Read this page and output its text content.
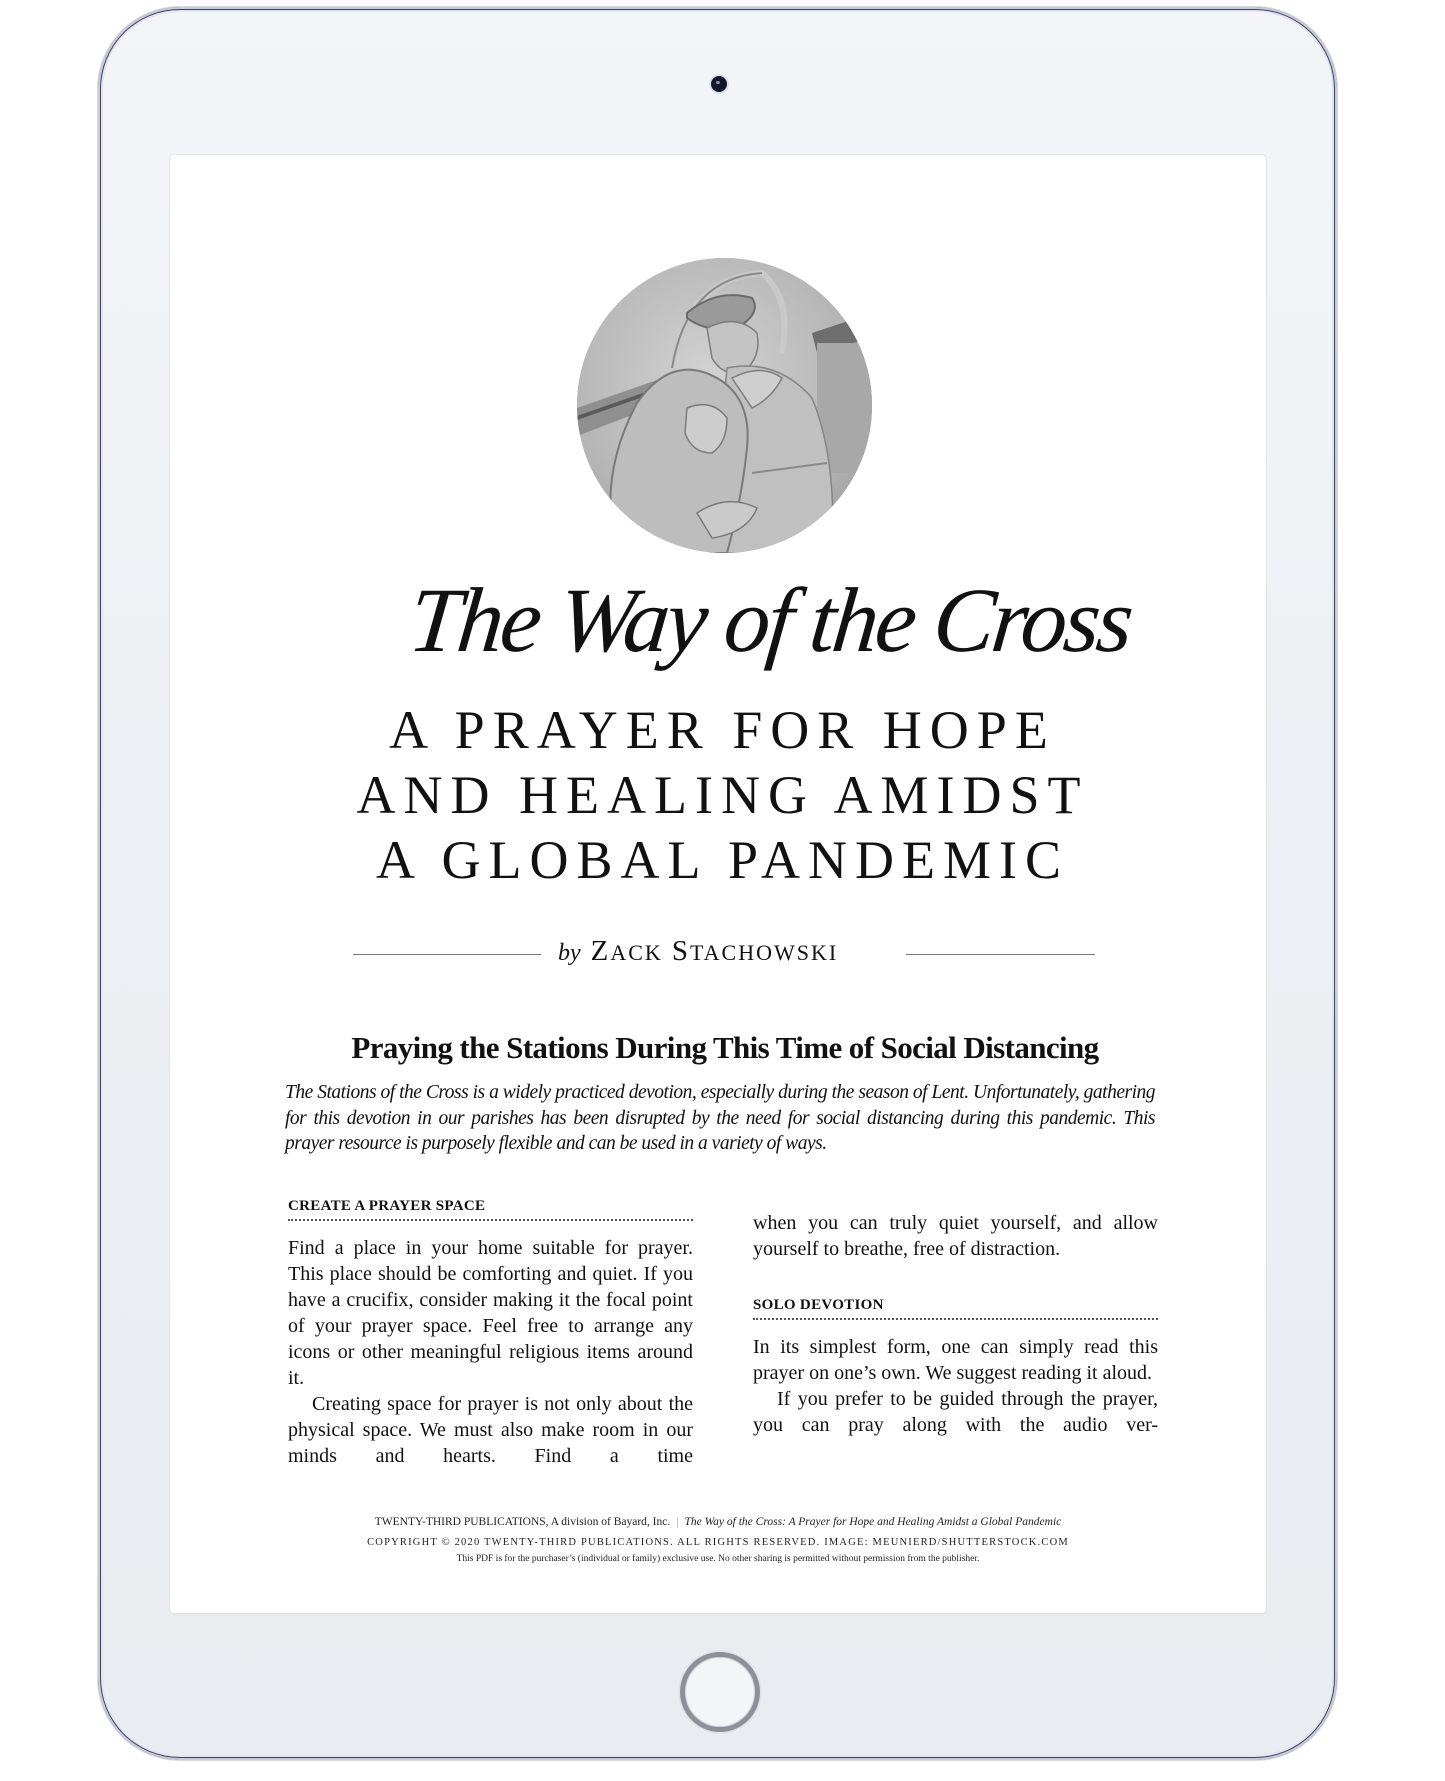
The Way of the Cross
A PRAYER FOR HOPE
AND HEALING AMIDST
A GLOBAL PANDEMIC
by ZACK STACHOWSKI
Praying the Stations During This Time of Social Distancing
The Stations of the Cross is a widely practiced devotion, especially during the season of Lent. Unfortunately, gathering for this devotion in our parishes has been disrupted by the need for social distancing during this pandemic. This prayer resource is purposely flexible and can be used in a variety of ways.
CREATE A PRAYER SPACE

Find a place in your home suitable for prayer. This place should be comforting and quiet. If you have a crucifix, consider making it the focal point of your prayer space. Feel free to arrange any icons or other meaningful religious items around it.

Creating space for prayer is not only about the physical space. We must also make room in our minds and hearts. Find a time

when you can truly quiet yourself, and allow yourself to breathe, free of distraction.

SOLO DEVOTION

In its simplest form, one can simply read this prayer on one’s own. We suggest reading it aloud.

If you prefer to be guided through the prayer, you can pray along with the audio ver-

TWENTY-THIRD PUBLICATIONS, A division of Bayard, Inc. | The Way of the Cross: A Prayer for Hope and Healing Amidst a Global Pandemic
COPYRIGHT © 2020 TWENTY-THIRD PUBLICATIONS. ALL RIGHTS RESERVED. IMAGE: MEUNIERD/SHUTTERSTOCK.COM
This PDF is for the purchaser’s (individual or family) exclusive use. No other sharing is permitted without permission from the publisher.
